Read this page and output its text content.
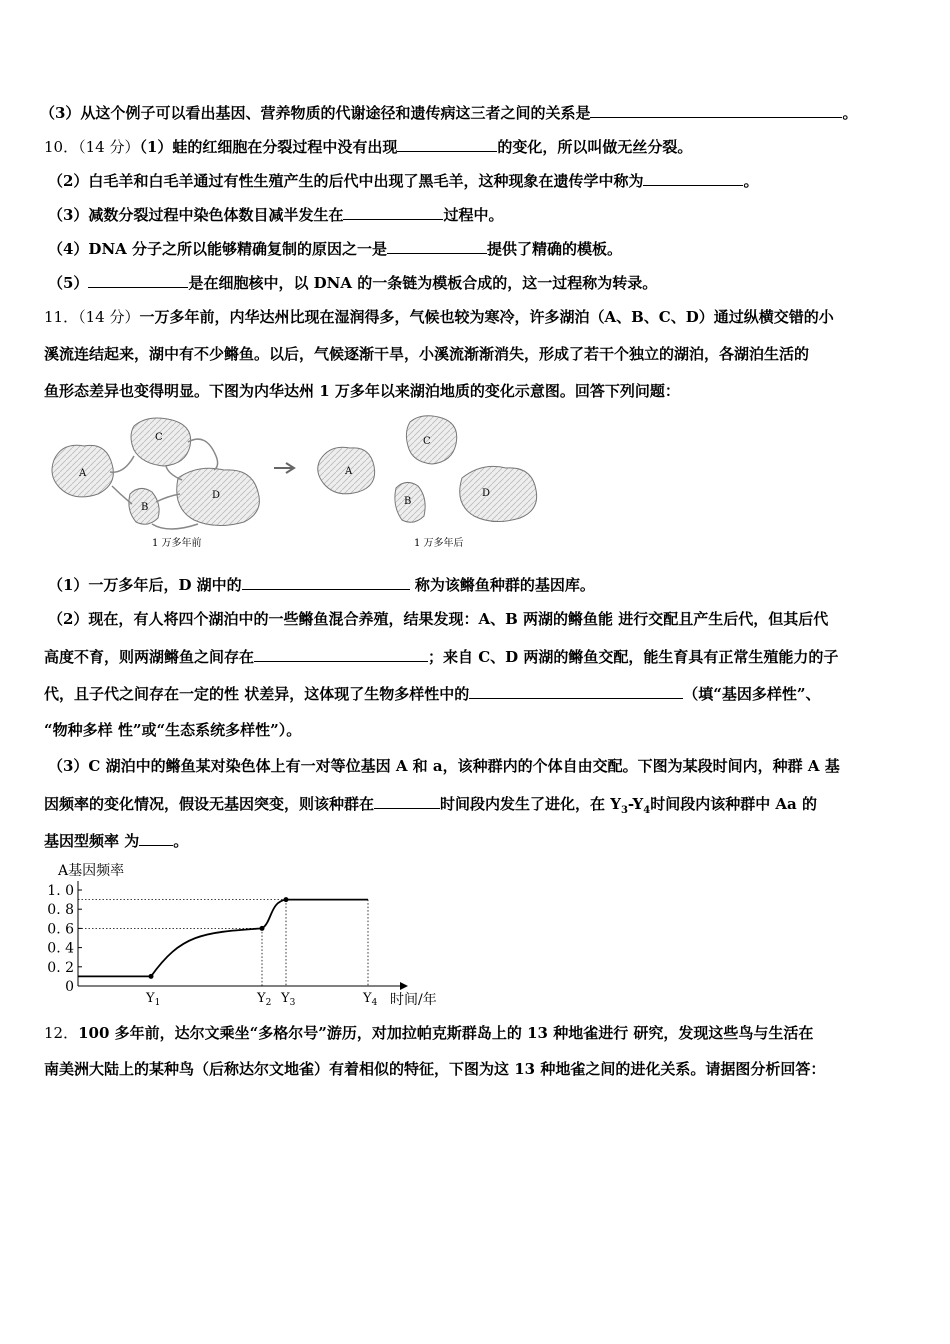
（3）从这个例子可以看出基因、营养物质的代谢途径和遗传病这三者之间的关系是	。
10．（14 分）（1）蛙的红细胞在分裂过程中没有出现	的变化，所以叫做无丝分裂。
（2）白毛羊和白毛羊通过有性生殖产生的后代中出现了黑毛羊，这种现象在遗传学中称为	。
（3）减数分裂过程中染色体数目减半发生在	过程中。
（4）DNA 分子之所以能够精确复制的原因之一是	提供了精确的模板。
（5）	是在细胞核中，以 DNA 的一条链为模板合成的，这一过程称为转录。
11．（14 分）一万多年前，内华达州比现在湿润得多，气候也较为寒冷，许多湖泊（A、B、C、D）通过纵横交错的小
溪流连结起来，湖中有不少鳉鱼。以后，气候逐渐干旱，小溪流渐渐消失，形成了若干个独立的湖泊，各湖泊生活的
鱼形态差异也变得明显。下图为内华达州 1 万多年以来湖泊地质的变化示意图。回答下列问题：
A
B
C
D
1 万多年前
A
B
C
D
1 万多年后
（1）一万多年后，D 湖中的	称为该鳉鱼种群的基因库。
（2）现在，有人将四个湖泊中的一些鳉鱼混合养殖，结果发现：A、B 两湖的鳉鱼能 进行交配且产生后代，但其后代
高度不育，则两湖鳉鱼之间存在	；来自 C、D 两湖的鳉鱼交配，能生育具有正常生殖能力的子
代，且子代之间存在一定的性 状差异，这体现了生物多样性中的	（填“基因多样性”、
“物种多样 性”或“生态系统多样性”）。
（3）C 湖泊中的鳉鱼某对染色体上有一对等位基因 A 和 a，该种群内的个体自由交配。下图为某段时间内，种群 A 基
因频率的变化情况，假设无基因突变，则该种群在	时间段内发生了进化，在 $Y_3-Y_4$时间段内该种群中 Aa 的
基因型频率 为 。
A基因频率
1. 0
0. 8
0. 6
0. 4
0. 2
0
$Y_1$	$Y_2$ $Y_3$	$Y_4$ 时间/年
12．100 多年前，达尔文乘坐“多格尔号”游历，对加拉帕克斯群岛上的 13 种地雀进行 研究，发现这些鸟与生活在
南美洲大陆上的某种鸟（后称达尔文地雀）有着相似的特征，下图为这 13 种地雀之间的进化关系。请据图分析回答：
